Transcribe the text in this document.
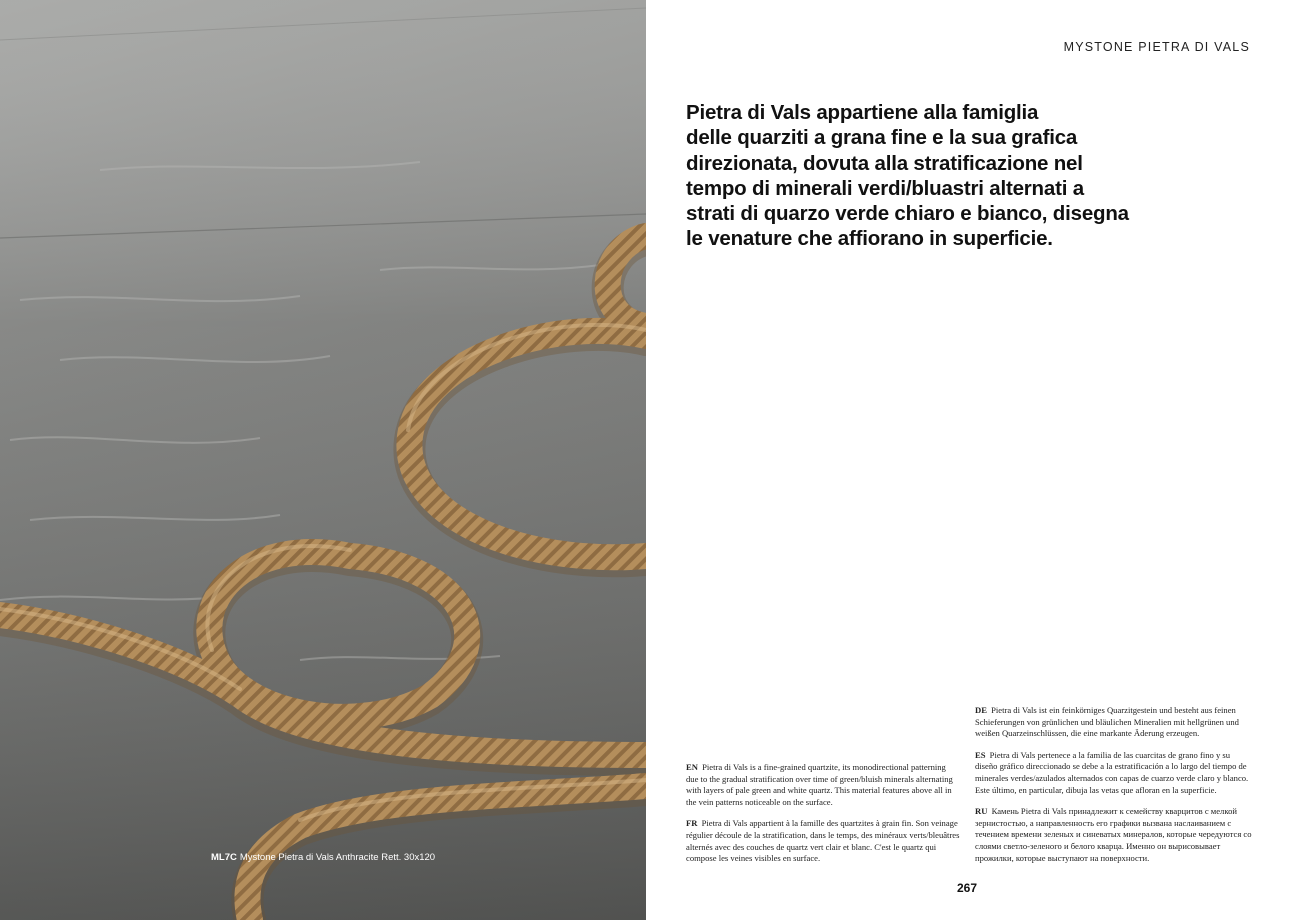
ML7C Mystone Pietra di Vals Anthracite Rett. 30x120
MYSTONE PIETRA DI VALS
Pietra di Vals appartiene alla famiglia
delle quarziti a grana fine e la sua grafica
direzionata, dovuta alla stratificazione nel
tempo di minerali verdi/bluastri alternati a
strati di quarzo verde chiaro e bianco, disegna
le venature che affiorano in superficie.

EN Pietra di Vals is a fine-grained quartzite, its monodirectional patterning due to the gradual stratification over time of green/bluish minerals alternating with layers of pale green and white quartz. This material features above all in the vein patterns noticeable on the surface.

FR Pietra di Vals appartient à la famille des quartzites à grain fin. Son veinage régulier découle de la stratification, dans le temps, des minéraux verts/bleuâtres alternés avec des couches de quartz vert clair et blanc. C'est le quartz qui compose les veines visibles en surface.

DE Pietra di Vals ist ein feinkörniges Quarzitgestein und besteht aus feinen Schieferungen von grünlichen und bläulichen Mineralien mit hellgrünen und weißen Quarzeinschlüssen, die eine markante Äderung erzeugen.

ES Pietra di Vals pertenece a la familia de las cuarcitas de grano fino y su diseño gráfico direccionado se debe a la estratificación a lo largo del tiempo de minerales verdes/azulados alternados con capas de cuarzo verde claro y blanco. Este último, en particular, dibuja las vetas que afloran en la superficie.

RU Камень Pietra di Vals принадлежит к семейству кварцитов с мелкой зернистостью, а направленность его графики вызвана наслаиванием с течением времени зеленых и синеватых минералов, которые чередуются со слоями светло-зеленого и белого кварца. Именно он вырисовывает прожилки, которые выступают на поверхности.

267
